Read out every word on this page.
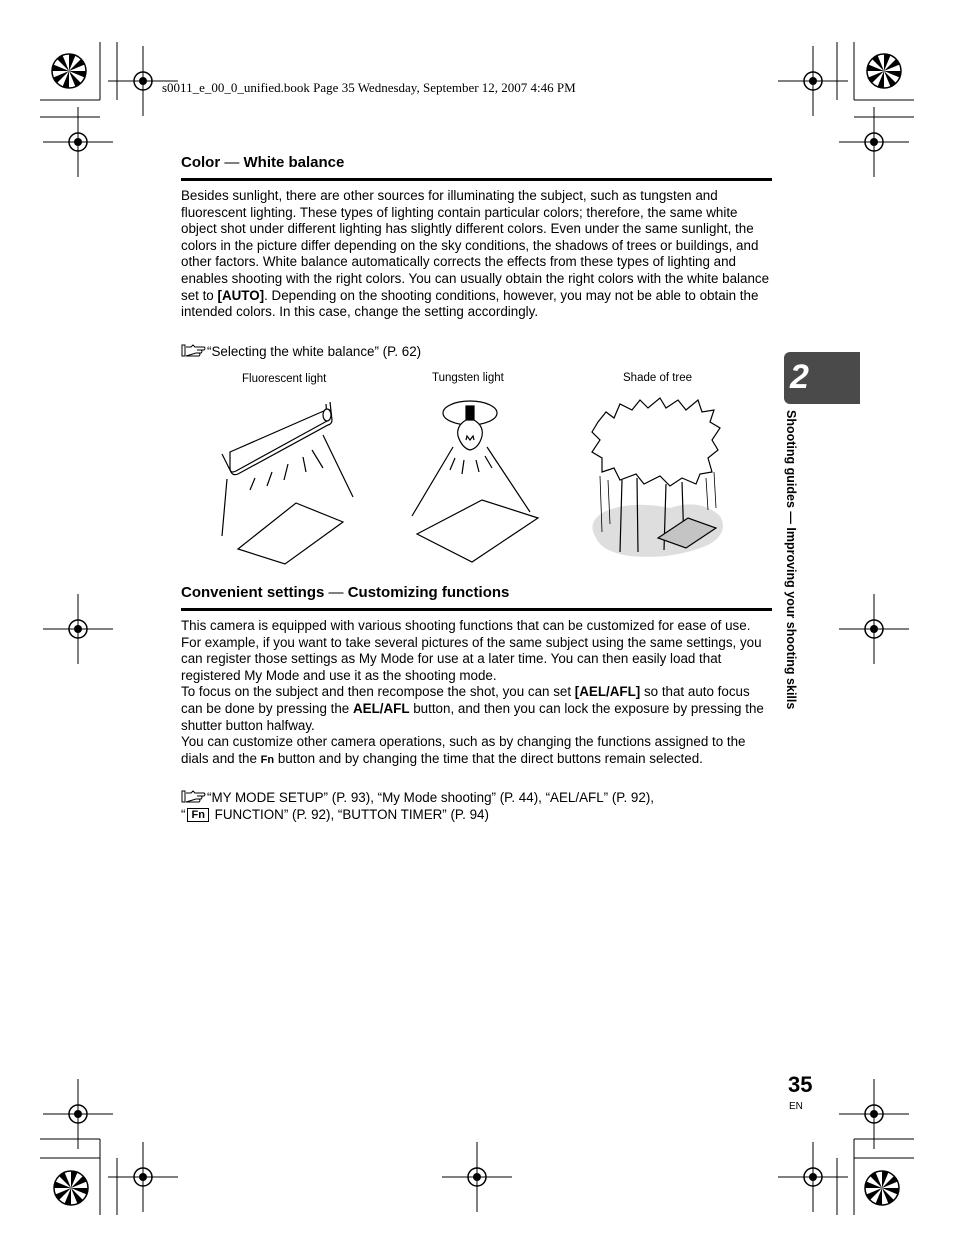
s0011_e_00_0_unified.book Page 35 Wednesday, September 12, 2007 4:46 PM
Color — White balance

Besides sunlight, there are other sources for illuminating the subject, such as tungsten and fluorescent lighting. These types of lighting contain particular colors; therefore, the same white object shot under different lighting has slightly different colors. Even under the same sunlight, the colors in the picture differ depending on the sky conditions, the shadows of trees or buildings, and other factors. White balance automatically corrects the effects from these types of lighting and enables shooting with the right colors. You can usually obtain the right colors with the white balance set to [AUTO]. Depending on the shooting conditions, however, you may not be able to obtain the intended colors. In this case, change the setting accordingly.

“Selecting the white balance” (P. 62)
Fluorescent light	Tungsten light	Shade of tree
Convenient settings — Customizing functions

This camera is equipped with various shooting functions that can be customized for ease of use.

For example, if you want to take several pictures of the same subject using the same settings, you can register those settings as My Mode for use at a later time. You can then easily load that registered My Mode and use it as the shooting mode.

To focus on the subject and then recompose the shot, you can set [AEL/AFL] so that auto focus can be done by pressing the AEL/AFL button, and then you can lock the exposure by pressing the shutter button halfway.

You can customize other camera operations, such as by changing the functions assigned to the dials and the Fn button and by changing the time that the direct buttons remain selected.

“MY MODE SETUP” (P. 93), “My Mode shooting” (P. 44), “AEL/AFL” (P. 92),
“ Fn FUNCTION” (P. 92), “BUTTON TIMER” (P. 94)
2
Shooting guides — Improving your shooting skills
35
EN
